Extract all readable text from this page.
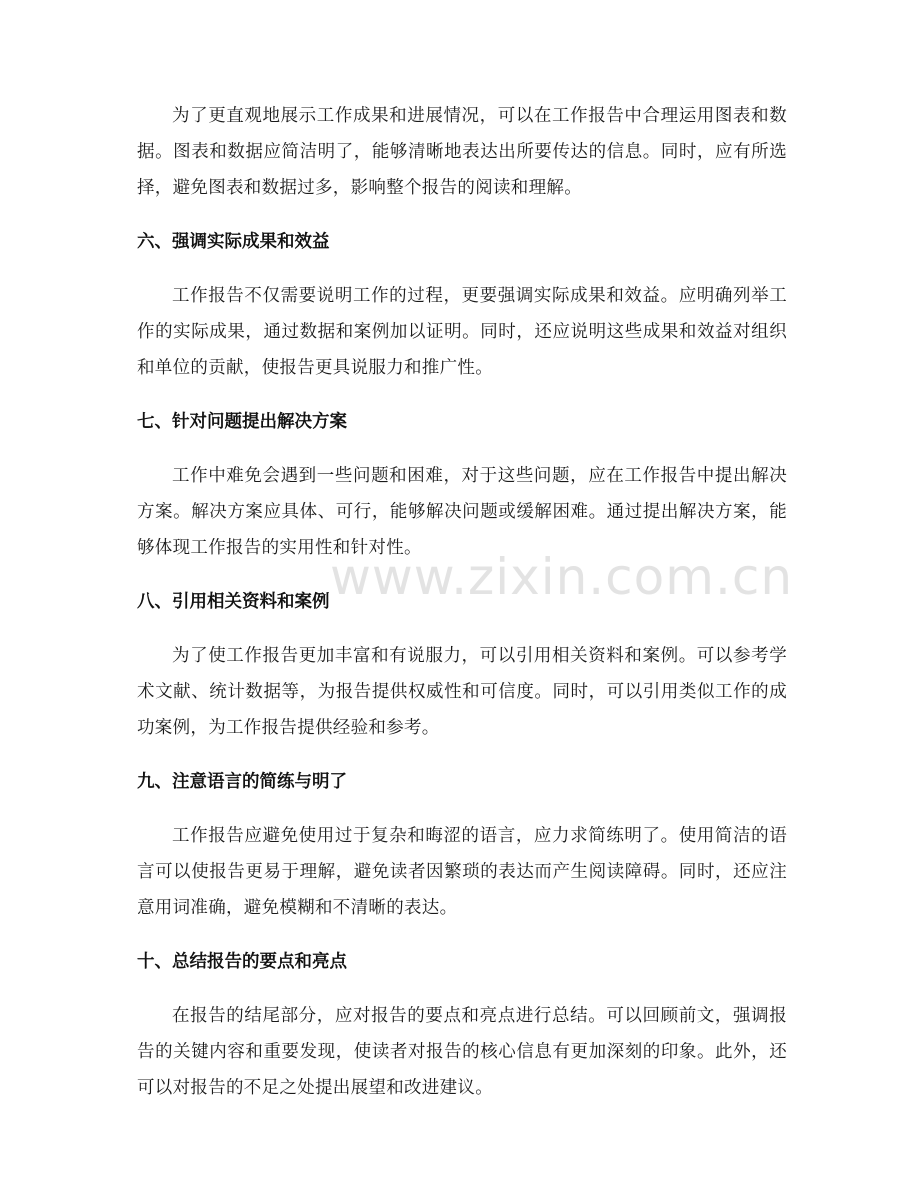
为了更直观地展示工作成果和进展情况，可以在工作报告中合理运用图表和数据。图表和数据应简洁明了，能够清晰地表达出所要传达的信息。同时，应有所选择，避免图表和数据过多，影响整个报告的阅读和理解。

六、强调实际成果和效益

工作报告不仅需要说明工作的过程，更要强调实际成果和效益。应明确列举工作的实际成果，通过数据和案例加以证明。同时，还应说明这些成果和效益对组织和单位的贡献，使报告更具说服力和推广性。

七、针对问题提出解决方案

工作中难免会遇到一些问题和困难，对于这些问题，应在工作报告中提出解决方案。解决方案应具体、可行，能够解决问题或缓解困难。通过提出解决方案，能够体现工作报告的实用性和针对性。

八、引用相关资料和案例

为了使工作报告更加丰富和有说服力，可以引用相关资料和案例。可以参考学术文献、统计数据等，为报告提供权威性和可信度。同时，可以引用类似工作的成功案例，为工作报告提供经验和参考。

九、注意语言的简练与明了

工作报告应避免使用过于复杂和晦涩的语言，应力求简练明了。使用简洁的语言可以使报告更易于理解，避免读者因繁琐的表达而产生阅读障碍。同时，还应注意用词准确，避免模糊和不清晰的表达。

十、总结报告的要点和亮点

在报告的结尾部分，应对报告的要点和亮点进行总结。可以回顾前文，强调报告的关键内容和重要发现，使读者对报告的核心信息有更加深刻的印象。此外，还可以对报告的不足之处提出展望和改进建议。

www.zixin.com.cn
